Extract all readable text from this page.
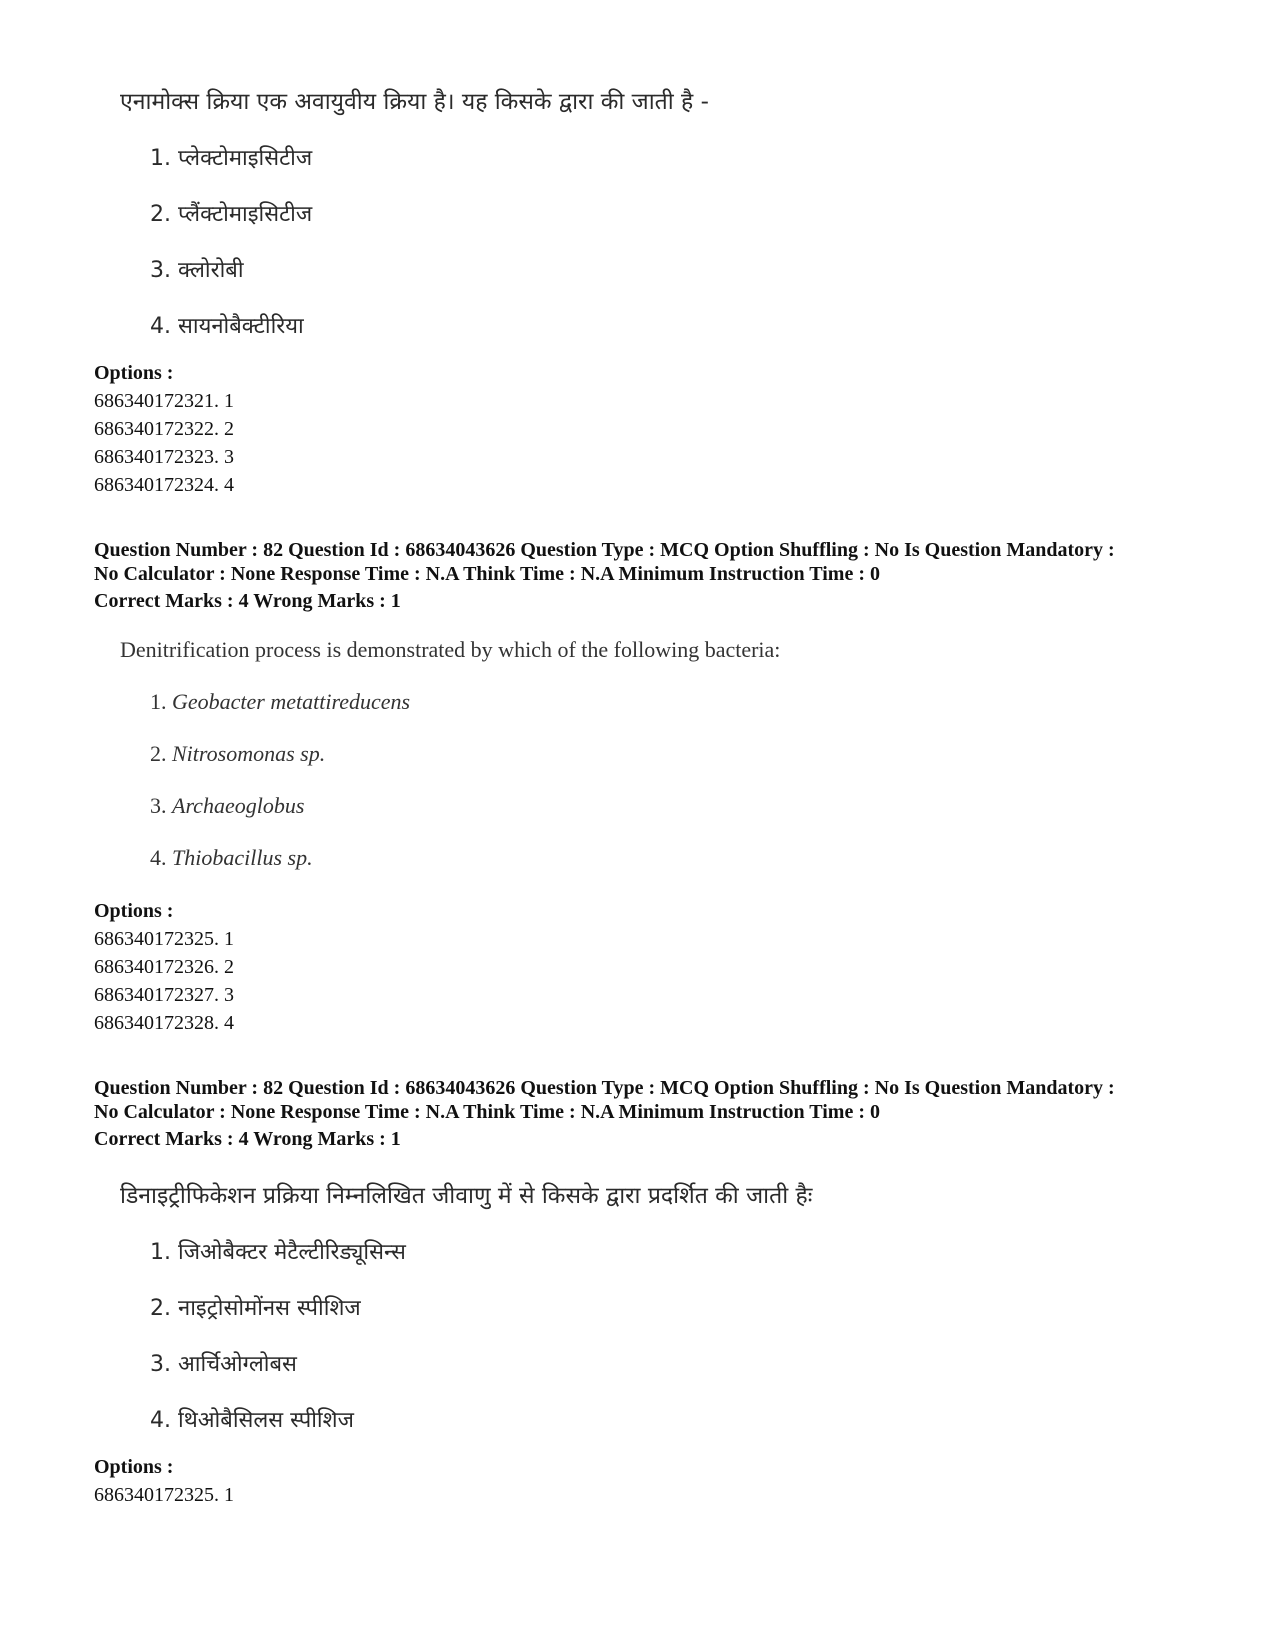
एनामोक्स क्रिया एक अवायुवीय क्रिया है। यह किसके द्वारा की जाती है -
1. प्लेक्टोमाइसिटीज
2. प्लैंक्टोमाइसिटीज
3. क्लोरोबी
4. सायनोबैक्टीरिया
Options :
686340172321. 1
686340172322. 2
686340172323. 3
686340172324. 4
Question Number : 82 Question Id : 68634043626 Question Type : MCQ Option Shuffling : No Is Question Mandatory :
No Calculator : None Response Time : N.A Think Time : N.A Minimum Instruction Time : 0
Correct Marks : 4 Wrong Marks : 1
Denitrification process is demonstrated by which of the following bacteria:
1. Geobacter metattireducens
2. Nitrosomonas sp.
3. Archaeoglobus
4. Thiobacillus sp.
Options :
686340172325. 1
686340172326. 2
686340172327. 3
686340172328. 4
Question Number : 82 Question Id : 68634043626 Question Type : MCQ Option Shuffling : No Is Question Mandatory :
No Calculator : None Response Time : N.A Think Time : N.A Minimum Instruction Time : 0
Correct Marks : 4 Wrong Marks : 1
डिनाइट्रीफिकेशन प्रक्रिया निम्नलिखित जीवाणु में से किसके द्वारा प्रदर्शित की जाती हैः
1. जिओबैक्टर मेटैल्टीरिड्यूसिन्स
2. नाइट्रोसोमोंनस स्पीशिज
3. आर्चिओग्लोबस
4. थिओबैसिलस स्पीशिज
Options :
686340172325. 1
